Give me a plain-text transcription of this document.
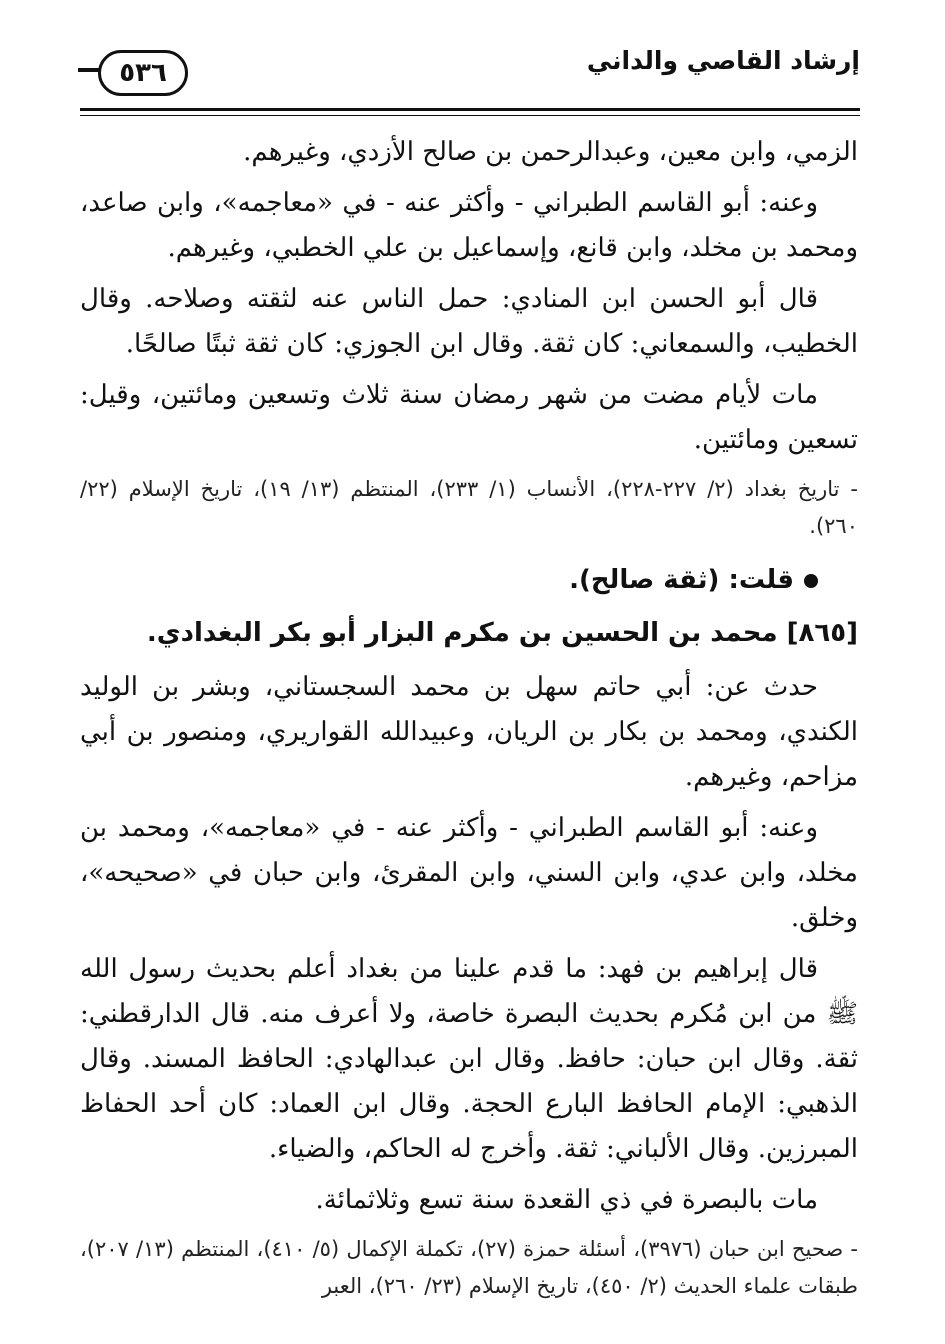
إرشاد القاصي والداني
٥٣٦

الزمي، وابن معين، وعبدالرحمن بن صالح الأزدي، وغيرهم.

وعنه: أبو القاسم الطبراني - وأكثر عنه - في «معاجمه»، وابن صاعد، ومحمد بن مخلد، وابن قانع، وإسماعيل بن علي الخطبي، وغيرهم.

قال أبو الحسن ابن المنادي: حمل الناس عنه لثقته وصلاحه. وقال الخطيب، والسمعاني: كان ثقة. وقال ابن الجوزي: كان ثقة ثبتًا صالحًا.

مات لأيام مضت من شهر رمضان سنة ثلاث وتسعين ومائتين، وقيل: تسعين ومائتين.

- تاريخ بغداد (٢/ ٢٢٧-٢٢٨)، الأنساب (١/ ٢٣٣)، المنتظم (١٣/ ١٩)، تاريخ الإسلام (٢٢/ ٢٦٠).

قلت: (ثقة صالح).

[٨٦٥] محمد بن الحسين بن مكرم البزار أبو بكر البغدادي.

حدث عن: أبي حاتم سهل بن محمد السجستاني، وبشر بن الوليد الكندي، ومحمد بن بكار بن الريان، وعبيدالله القواريري، ومنصور بن أبي مزاحم، وغيرهم.

وعنه: أبو القاسم الطبراني - وأكثر عنه - في «معاجمه»، ومحمد بن مخلد، وابن عدي، وابن السني، وابن المقرئ، وابن حبان في «صحيحه»، وخلق.

قال إبراهيم بن فهد: ما قدم علينا من بغداد أعلم بحديث رسول الله ﷺ من ابن مُكرم بحديث البصرة خاصة، ولا أعرف منه. قال الدارقطني: ثقة. وقال ابن حبان: حافظ. وقال ابن عبدالهادي: الحافظ المسند. وقال الذهبي: الإمام الحافظ البارع الحجة. وقال ابن العماد: كان أحد الحفاظ المبرزين. وقال الألباني: ثقة. وأخرج له الحاكم، والضياء.

مات بالبصرة في ذي القعدة سنة تسع وثلاثمائة.

- صحيح ابن حبان (٣٩٧٦)، أسئلة حمزة (٢٧)، تكملة الإكمال (٥/ ٤١٠)، المنتظم (١٣/ ٢٠٧)، طبقات علماء الحديث (٢/ ٤٥٠)، تاريخ الإسلام (٢٣/ ٢٦٠)، العبر
